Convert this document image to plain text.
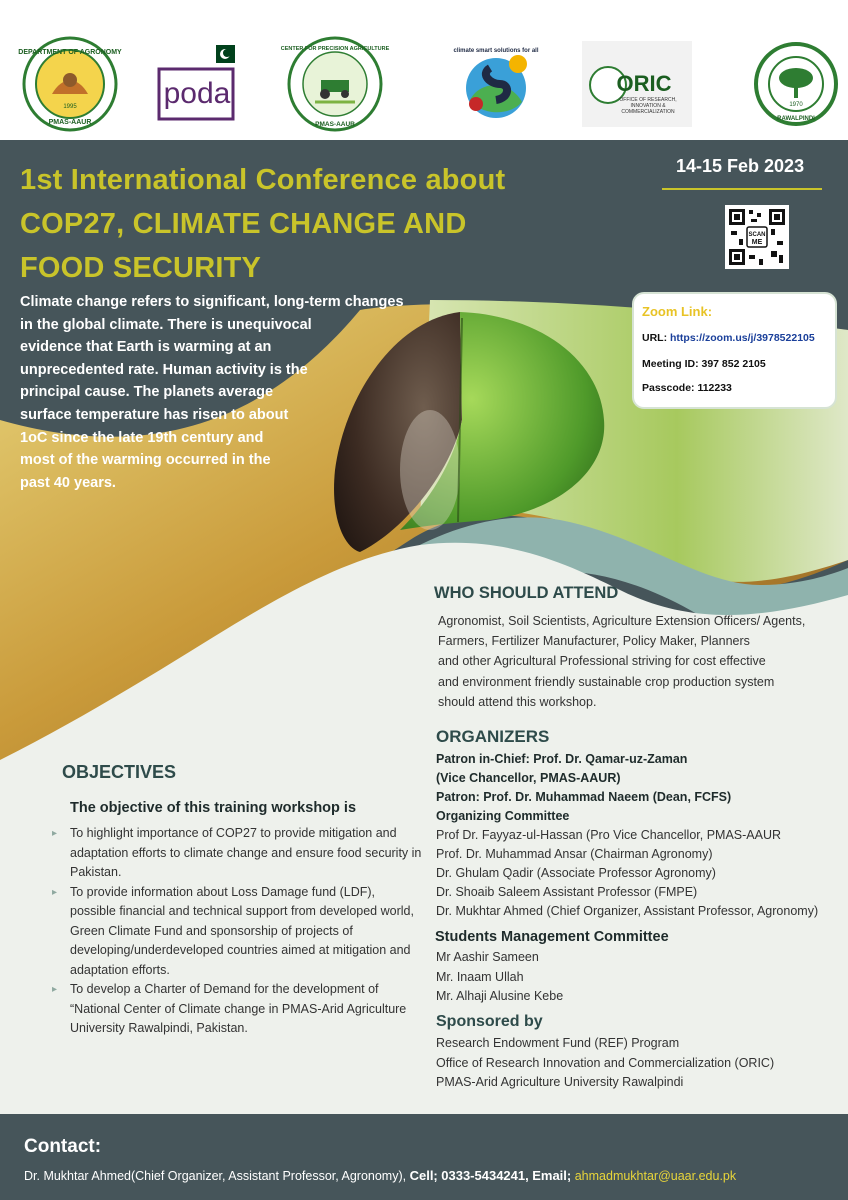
DEPARTMENT OF AGRONOMY
1995
PMAS-AAUR
poda
CENTER FOR PRECISION AGRICULTURE
PMAS-AAUR
climate smart solutions for all
ORIC
OFFICE OF RESEARCH,
INNOVATION &
COMMERCIALIZATION
1970
RAWALPINDI
1st International Conference about
COP27, CLIMATE CHANGE AND
FOOD SECURITY
14-15 Feb 2023
SCAN
ME
Climate change refers to significant, long-term changes
in the global climate. There is unequivocal
evidence that Earth is warming at an
unprecedented rate. Human activity is the
principal cause. The planets average
surface temperature has risen to about
1oC since the late 19th century and
most of the warming occurred in the
past 40 years.
Zoom Link:
URL: https://zoom.us/j/3978522105
Meeting ID: 397 852 2105
Passcode: 112233
WHO SHOULD ATTEND
Agronomist, Soil Scientists, Agriculture Extension Officers/ Agents,
Farmers, Fertilizer Manufacturer, Policy Maker, Planners
and other Agricultural Professional striving for cost effective
and environment friendly sustainable crop production system
should attend this workshop.
OBJECTIVES
The objective of this training workshop is
▸ To highlight importance of COP27 to provide mitigation and adaptation efforts to climate change and ensure food security in Pakistan.
▸ To provide information about Loss Damage fund (LDF), possible financial and technical support from developed world, Green Climate Fund and sponsorship of projects of developing/underdeveloped countries aimed at mitigation and adaptation efforts.
▸ To develop a Charter of Demand for the development of “National Center of Climate change in PMAS-Arid Agriculture University Rawalpindi, Pakistan.
ORGANIZERS
Patron in-Chief: Prof. Dr. Qamar-uz-Zaman
(Vice Chancellor, PMAS-AAUR)
Patron: Prof. Dr. Muhammad Naeem (Dean, FCFS)
Organizing Committee
Prof Dr. Fayyaz-ul-Hassan (Pro Vice Chancellor, PMAS-AAUR
Prof. Dr. Muhammad Ansar (Chairman Agronomy)
Dr. Ghulam Qadir (Associate Professor Agronomy)
Dr. Shoaib Saleem Assistant Professor (FMPE)
Dr. Mukhtar Ahmed (Chief Organizer, Assistant Professor, Agronomy)
Students Management Committee
Mr Aashir Sameen
Mr. Inaam Ullah
Mr. Alhaji Alusine Kebe
Sponsored by
Research Endowment Fund (REF) Program
Office of Research Innovation and Commercialization (ORIC)
PMAS-Arid Agriculture University Rawalpindi
Contact:
Dr. Mukhtar Ahmed(Chief Organizer, Assistant Professor, Agronomy), Cell; 0333-5434241, Email; ahmadmukhtar@uaar.edu.pk
